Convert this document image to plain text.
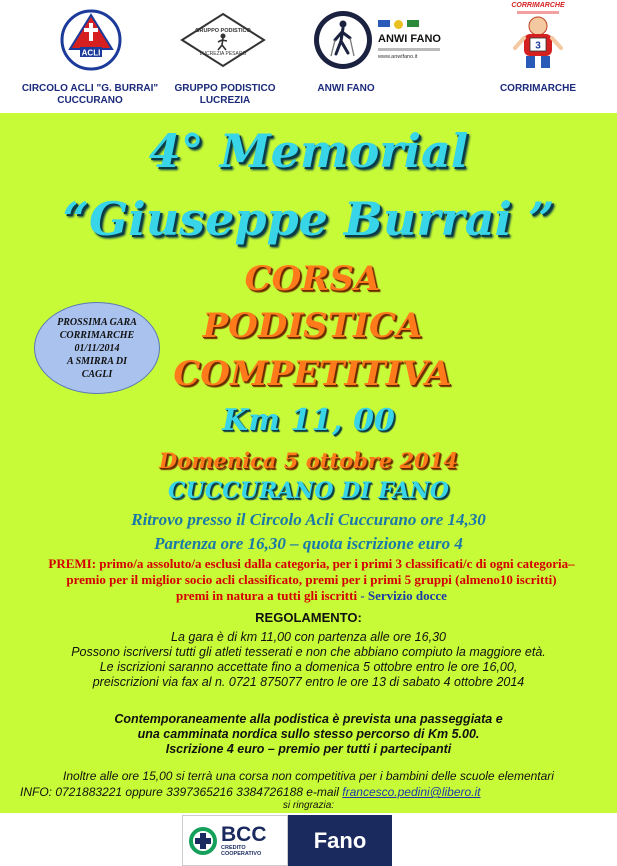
ACLI
CIRCOLO ACLI "G. BURRAI"
CUCCURANO
GRUPPO PODISTICO
LUCREZIA PESARO
GRUPPO PODISTICO
LUCREZIA
ANWI FANO
www.anwifano.it
ANWI FANO
CORRIMARCHE
3
CORRIMARCHE
4° Memorial
“Giuseppe Burrai ”
CORSA
PODISTICA
COMPETITIVA
Km 11, 00
Domenica 5 ottobre 2014
CUCCURANO DI FANO
Ritrovo presso il Circolo Acli Cuccurano ore 14,30
Partenza ore 16,30 – quota iscrizione euro 4
PREMI: primo/a assoluto/a esclusi dalla categoria, per i primi 3 classificati/c di ogni categoria–
premio per il miglior socio acli classificato, premi per i primi 5 gruppi (almeno10 iscritti)
premi in natura a tutti gli iscritti - Servizio docce
PROSSIMA GARA
CORRIMARCHE
01/11/2014
A SMIRRA DI
CAGLI
REGOLAMENTO:
La gara è di km 11,00 con partenza alle ore 16,30
Possono iscriversi tutti gli atleti tesserati e non che abbiano compiuto la maggiore età.
Le iscrizioni saranno accettate fino a domenica 5 ottobre entro le ore 16,00,
preiscrizioni via fax al n. 0721 875077 entro le ore 13 di sabato 4 ottobre 2014
Contemporaneamente alla podistica è prevista una passeggiata e
una camminata nordica sullo stesso percorso di Km 5.00.
Iscrizione 4 euro – premio per tutti i partecipanti
Inoltre alle ore 15,00 si terrà una corsa non competitiva per i bambini delle scuole elementari
INFO: 0721883221 oppure 3397365216 3384726188 e-mail francesco.pedini@libero.it
si ringrazia:
BCC
CREDITO
COOPERATIVO
Fano
